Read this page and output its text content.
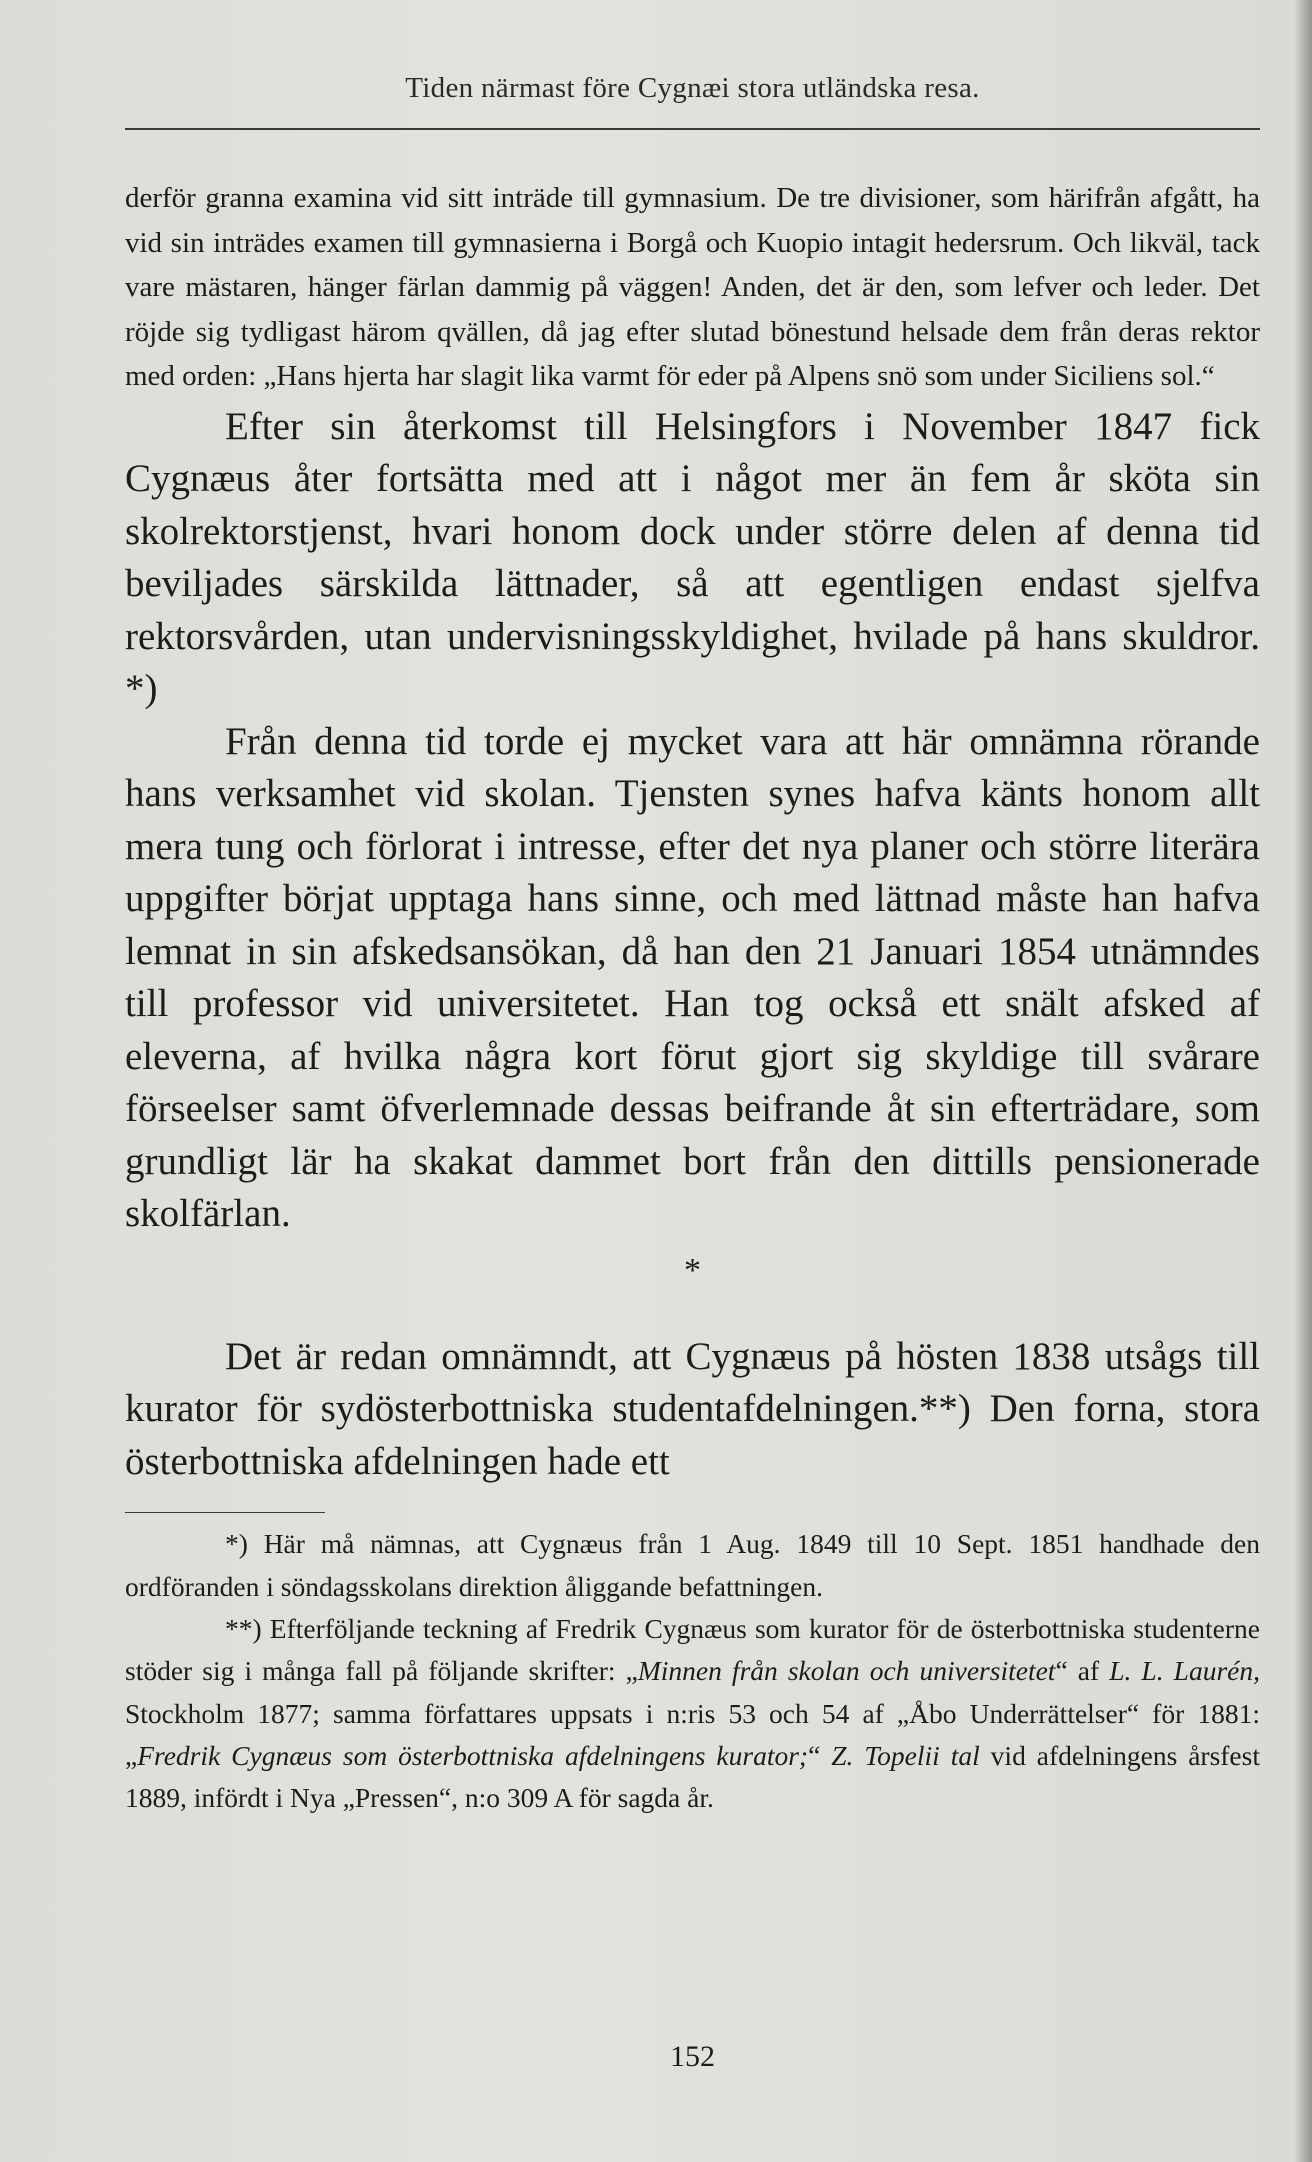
Tiden närmast före Cygnæi stora utländska resa.

derför granna examina vid sitt inträde till gymnasium. De tre divisioner, som härifrån afgått, ha vid sin inträdes examen till gymnasierna i Borgå och Kuopio intagit hedersrum. Och likväl, tack vare mästaren, hänger färlan dammig på väggen! Anden, det är den, som lefver och leder. Det röjde sig tydligast härom qvällen, då jag efter slutad bönestund helsade dem från deras rektor med orden: „Hans hjerta har slagit lika varmt för eder på Alpens snö som under Siciliens sol.“

Efter sin återkomst till Helsingfors i November 1847 fick Cygnæus åter fortsätta med att i något mer än fem år sköta sin skolrektorstjenst, hvari honom dock under större delen af denna tid beviljades särskilda lättnader, så att egentligen endast sjelfva rektorsvården, utan undervisningsskyldighet, hvilade på hans skuldror. *)

Från denna tid torde ej mycket vara att här omnämna rörande hans verksamhet vid skolan. Tjensten synes hafva känts honom allt mera tung och förlorat i intresse, efter det nya planer och större literära uppgifter börjat upptaga hans sinne, och med lättnad måste han hafva lemnat in sin afskedsansökan, då han den 21 Januari 1854 utnämndes till professor vid universitetet. Han tog också ett snält afsked af eleverna, af hvilka några kort förut gjort sig skyldige till svårare förseelser samt öfverlemnade dessas beifrande åt sin efterträdare, som grundligt lär ha skakat dammet bort från den dittills pensionerade skolfärlan.

*

Det är redan omnämndt, att Cygnæus på hösten 1838 utsågs till kurator för sydösterbottniska studentafdelningen.**) Den forna, stora österbottniska afdelningen hade ett

*) Här må nämnas, att Cygnæus från 1 Aug. 1849 till 10 Sept. 1851 handhade den ordföranden i söndagsskolans direktion åliggande befattningen.

**) Efterföljande teckning af Fredrik Cygnæus som kurator för de österbottniska studenterne stöder sig i många fall på följande skrifter: „Minnen från skolan och universitetet“ af L. L. Laurén, Stockholm 1877; samma författares uppsats i n:ris 53 och 54 af „Åbo Underrättelser“ för 1881: „Fredrik Cygnæus som österbottniska afdelningens kurator;“ Z. Topelii tal vid afdelningens årsfest 1889, infördt i Nya „Pressen“, n:o 309 A för sagda år.

152
